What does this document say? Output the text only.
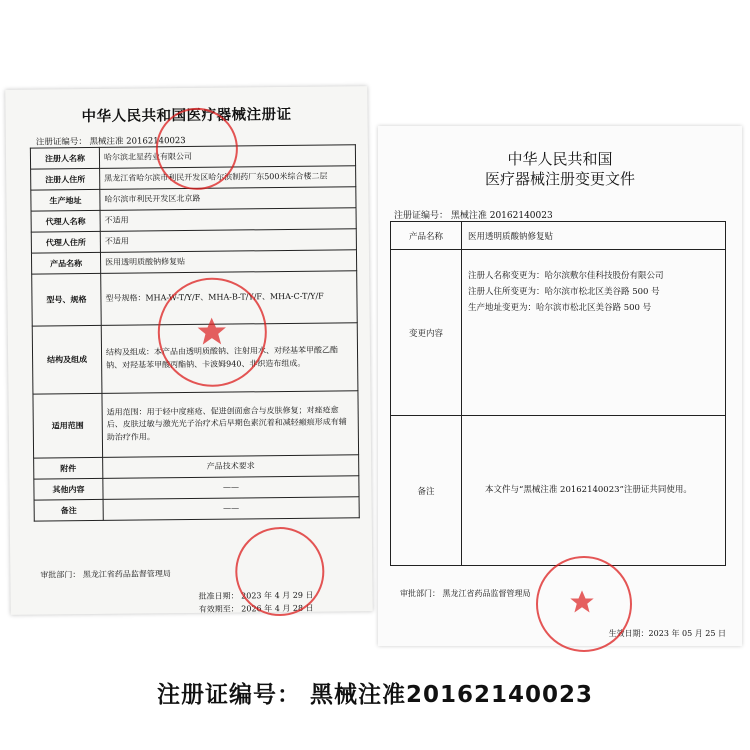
中华人民共和国医疗器械注册证
注册证编号： 黑械注准 20162140023
注册人名称	哈尔滨北星药业有限公司
注册人住所	黑龙江省哈尔滨市利民开发区哈尔滨制药厂东500米综合楼二层
生产地址	哈尔滨市利民开发区北京路
代理人名称	不适用
代理人住所	不适用
产品名称	医用透明质酸钠修复贴
型号、规格	型号规格：MHA-W-T/Y/F、MHA-B-T/Y/F、MHA-C-T/Y/F
结构及组成	结构及组成：本产品由透明质酸钠、注射用水、对羟基苯甲酸乙酯钠、对羟基苯甲酸丙酯钠、卡波姆940、非织造布组成。
适用范围	适用范围：用于轻中度痤疮、促进创面愈合与皮肤修复；对痤疮愈后、皮肤过敏与激光光子治疗术后早期色素沉着和减轻瘢痕形成有辅助治疗作用。
附件	产品技术要求
其他内容	——
备注	——
审批部门： 黑龙江省药品监督管理局
批准日期： 2023 年 4 月 29 日
有效期至： 2026 年 4 月 28 日
中华人民共和国
医疗器械注册变更文件
注册证编号： 黑械注准 20162140023
产品名称	医用透明质酸钠修复贴
变更内容	注册人名称变更为：哈尔滨敷尔佳科技股份有限公司
注册人住所变更为：哈尔滨市松北区美谷路 500 号
生产地址变更为：哈尔滨市松北区美谷路 500 号

备注	本文件与“黑械注准 20162140023”注册证共同使用。
审批部门： 黑龙江省药品监督管理局
生效日期：2023 年 05 月 25 日
注册证编号： 黑械注准20162140023
